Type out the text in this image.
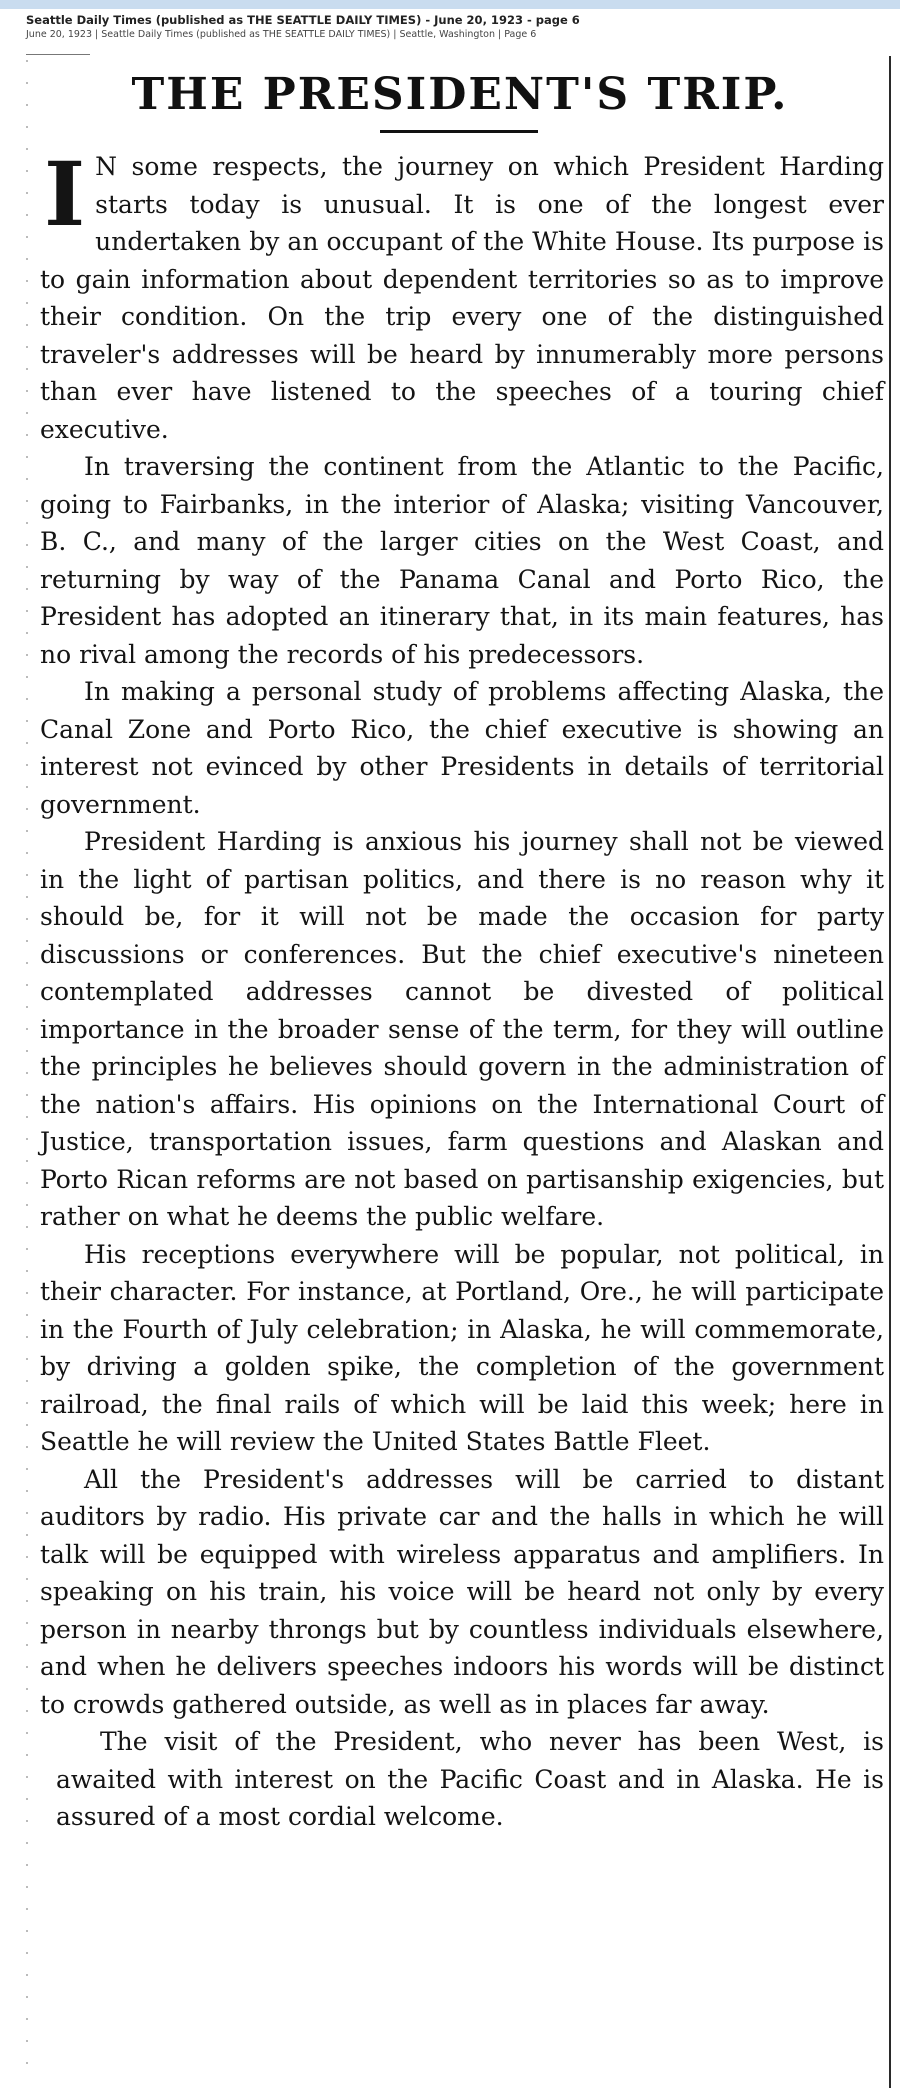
Seattle Daily Times (published as THE SEATTLE DAILY TIMES) - June 20, 1923 - page 6
June 20, 1923 | Seattle Daily Times (published as THE SEATTLE DAILY TIMES) | Seattle, Washington | Page 6
THE PRESIDENT'S TRIP.

I N some respects, the journey on which President Harding starts today is unusual. It is one of the longest ever undertaken by an occupant of the White House. Its purpose is to gain information about dependent territories so as to improve their condition. On the trip every one of the distinguished traveler's addresses will be heard by innumerably more persons than ever have listened to the speeches of a touring chief executive.

In traversing the continent from the Atlantic to the Pacific, going to Fairbanks, in the interior of Alaska; visiting Vancouver, B. C., and many of the larger cities on the West Coast, and returning by way of the Panama Canal and Porto Rico, the President has adopted an itinerary that, in its main features, has no rival among the records of his predecessors.

In making a personal study of problems affecting Alaska, the Canal Zone and Porto Rico, the chief executive is showing an interest not evinced by other Presidents in details of territorial government.

President Harding is anxious his journey shall not be viewed in the light of partisan politics, and there is no reason why it should be, for it will not be made the occasion for party discussions or conferences. But the chief executive's nineteen contemplated addresses cannot be divested of political importance in the broader sense of the term, for they will outline the principles he believes should govern in the administration of the nation's affairs. His opinions on the International Court of Justice, transportation issues, farm questions and Alaskan and Porto Rican reforms are not based on partisanship exigencies, but rather on what he deems the public welfare.

His receptions everywhere will be popular, not political, in their character. For instance, at Portland, Ore., he will participate in the Fourth of July celebration; in Alaska, he will commemorate, by driving a golden spike, the completion of the government railroad, the final rails of which will be laid this week; here in Seattle he will review the United States Battle Fleet.

All the President's addresses will be carried to distant auditors by radio. His private car and the halls in which he will talk will be equipped with wireless apparatus and amplifiers. In speaking on his train, his voice will be heard not only by every person in nearby throngs but by countless individuals elsewhere, and when he delivers speeches indoors his words will be distinct to crowds gathered outside, as well as in places far away.

The visit of the President, who never has been West, is awaited with interest on the Pacific Coast and in Alaska. He is assured of a most cordial welcome.
